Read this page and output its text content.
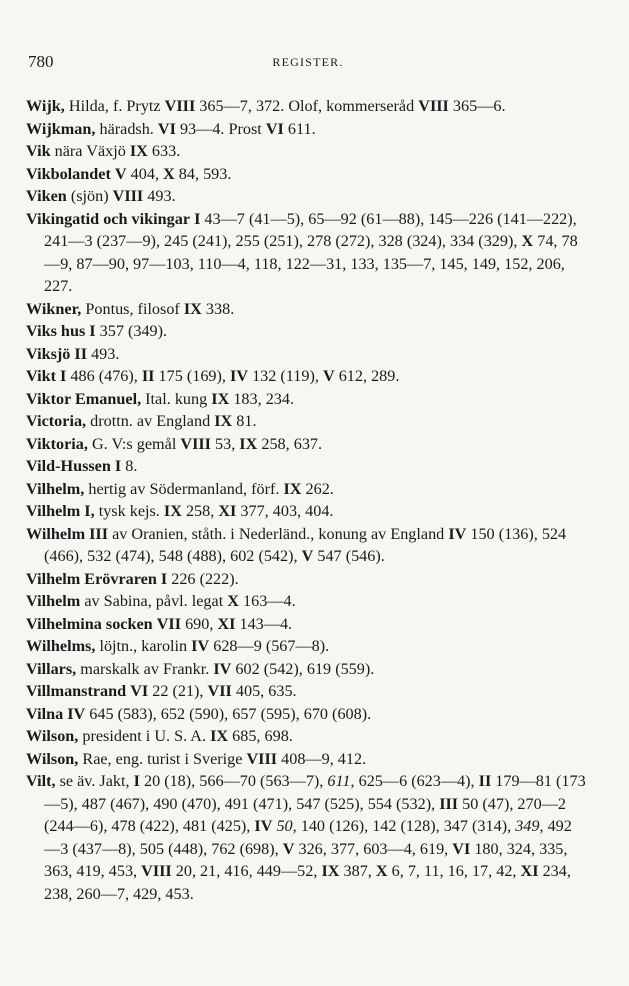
780	REGISTER.

Wijk, Hilda, f. Prytz VIII 365—7, 372. Olof, kommerseråd VIII 365—6.

Wijkman, häradsh. VI 93—4. Prost VI 611.

Vik nära Växjö IX 633.

Vikbolandet V 404, X 84, 593.

Viken (sjön) VIII 493.

Vikingatid och vikingar I 43—7 (41—5), 65—92 (61—88), 145—226 (141—222), 241—3 (237—9), 245 (241), 255 (251), 278 (272), 328 (324), 334 (329), X 74, 78—9, 87—90, 97—103, 110—4, 118, 122—31, 133, 135—7, 145, 149, 152, 206, 227.

Wikner, Pontus, filosof IX 338.

Viks hus I 357 (349).

Viksjö II 493.

Vikt I 486 (476), II 175 (169), IV 132 (119), V 612, 289.

Viktor Emanuel, Ital. kung IX 183, 234.

Victoria, drottn. av England IX 81.

Viktoria, G. V:s gemål VIII 53, IX 258, 637.

Vild-Hussen I 8.

Vilhelm, hertig av Södermanland, förf. IX 262.

Vilhelm I, tysk kejs. IX 258, XI 377, 403, 404.

Wilhelm III av Oranien, ståth. i Nederländ., konung av England IV 150 (136), 524 (466), 532 (474), 548 (488), 602 (542), V 547 (546).

Vilhelm Erövraren I 226 (222).

Vilhelm av Sabina, påvl. legat X 163—4.

Vilhelmina socken VII 690, XI 143—4.

Wilhelms, löjtn., karolin IV 628—9 (567—8).

Villars, marskalk av Frankr. IV 602 (542), 619 (559).

Villmanstrand VI 22 (21), VII 405, 635.

Vilna IV 645 (583), 652 (590), 657 (595), 670 (608).

Wilson, president i U. S. A. IX 685, 698.

Wilson, Rae, eng. turist i Sverige VIII 408—9, 412.

Vilt, se äv. Jakt, I 20 (18), 566—70 (563—7), 611, 625—6 (623—4), II 179—81 (173—5), 487 (467), 490 (470), 491 (471), 547 (525), 554 (532), III 50 (47), 270—2 (244—6), 478 (422), 481 (425), IV 50, 140 (126), 142 (128), 347 (314), 349, 492—3 (437—8), 505 (448), 762 (698), V 326, 377, 603—4, 619, VI 180, 324, 335, 363, 419, 453, VIII 20, 21, 416, 449—52, IX 387, X 6, 7, 11, 16, 17, 42, XI 234, 238, 260—7, 429, 453.
